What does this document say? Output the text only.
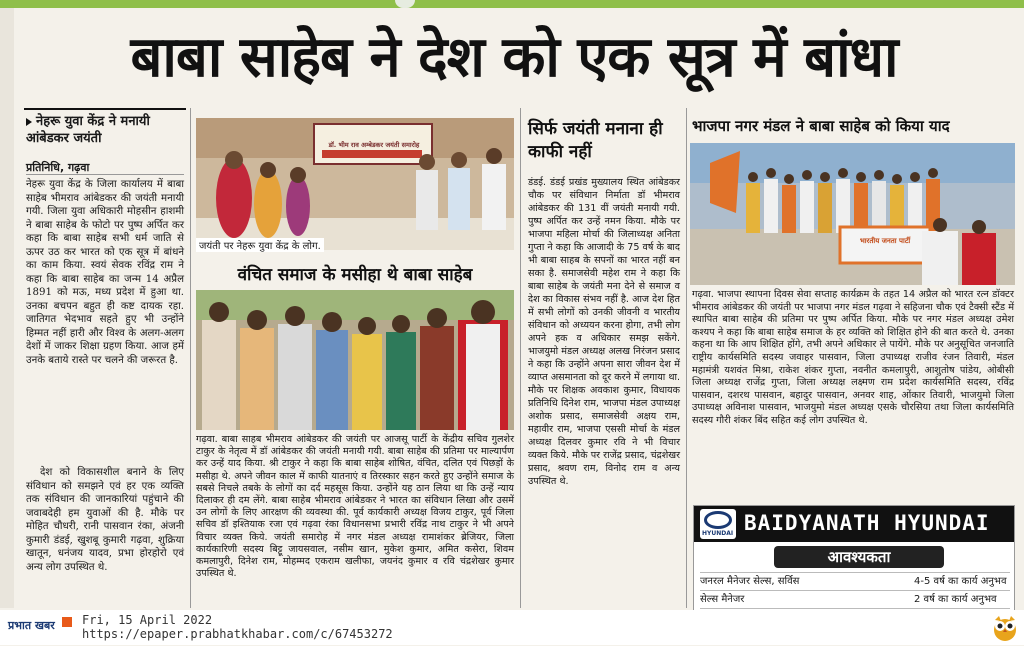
बाबा साहेब ने देश को एक सूत्र में बांधा
नेहरू युवा केंद्र ने मनायी आंबेडकर जयंती
प्रतिनिधि, गढ़वा
नेहरू युवा केंद्र के जिला कार्यालय में बाबा साहेब भीमराव आंबेडकर की जयंती मनायी गयी. जिला युवा अधिकारी मोहसीन हाशमी ने बाबा साहेब के फोटो पर पुष्प अर्पित कर कहा कि बाबा साहेब सभी धर्म जाति से ऊपर उठ कर भारत को एक सूत्र में बांधने का काम किया. स्वयं सेवक रविंद्र राम ने कहा कि बाबा साहेब का जन्म 14 अप्रैल 1891 को मऊ, मध्य प्रदेश में हुआ था. उनका बचपन बहुत ही कष्ट दायक रहा. जातिगत भेदभाव सहते हुए भी उन्होंने हिम्मत नहीं हारी और विश्व के अलग-अलग देशों में जाकर शिक्षा ग्रहण किया. आज हमें उनके बताये रास्ते पर चलने की जरूरत है.
देश को विकासशील बनाने के लिए संविधान को समझने एवं हर एक व्यक्ति तक संविधान की जानकारियां पहुंचाने की जवाबदेही हम युवाओं की है. मौके पर मोहित चौधरी, रानी पासवान रंका, अंजनी कुमारी डंडई, खुशबू कुमारी गढ़वा, शुक्रिया खातून, धनंजय यादव, प्रभा होरहोरो एवं अन्य लोग उपस्थित थे.
डॉ. भीम राव अम्बेडकर जयंती समारोह
जयंती पर नेहरू युवा केंद्र के लोग.
वंचित समाज के मसीहा थे बाबा साहेब
गढ़वा. बाबा साहब भीमराव आंबेडकर की जयंती पर आजसू पार्टी के केंद्रीय सचिव गुलशेर टाकुर के नेतृत्व में डॉ आंबेडकर की जयंती मनायी गयी. बाबा साहेब की प्रतिमा पर माल्यार्पण कर उन्हें याद किया. श्री टाकुर ने कहा कि बाबा साहेब शोषित, वंचित, दलित एवं पिछड़ों के मसीहा थे. अपने जीवन काल में काफी यातनाएं व तिरस्कार सहन करते हुए उन्होंने समाज के सबसे निचले तबके के लोगों का दर्द महसूस किया. उन्होंने यह ठान लिया था कि उन्हें न्याय दिलाकर ही दम लेंगे. बाबा साहेब भीमराव आंबेडकर ने भारत का संविधान लिखा और उसमें उन लोगों के लिए आरक्षण की व्यवस्था की. पूर्व कार्यकारी अध्यक्ष विजय टाकुर, पूर्व जिला सचिव डॉ इश्तियाक रजा एवं गढ़वा रंका विधानसभा प्रभारी रविंद्र नाथ टाकुर ने भी अपने विचार व्यक्त किये. जयंती समारोह में नगर मंडल अध्यक्ष रामाशंकर ब्रेजियर, जिला कार्यकारिणी सदस्य बिट्टू जायसवाल, नसीम खान, मुकेश कुमार, अमित कसेरा, शिवम कमलापुरी, दिनेश राम, मोहम्मद एकराम खलीफा, जयनंद कुमार व रवि चंद्रशेखर कुमार उपस्थित थे.
सिर्फ जयंती मनाना ही काफी नहीं
डंडई. डंडई प्रखंड मुख्यालय स्थित आंबेडकर चौक पर संविधान निर्माता डॉ भीमराव आंबेडकर की 131 वीं जयंती मनायी गयी. पुष्प अर्पित कर उन्हें नमन किया. मौके पर भाजपा महिला मोर्चा की जिलाध्यक्ष अनिता गुप्ता ने कहा कि आजादी के 75 वर्ष के बाद भी बाबा साहब के सपनों का भारत नहीं बन सका है. समाजसेवी महेश राम ने कहा कि बाबा साहेब के जयंती मना देने से समाज व देश का विकास संभव नहीं है. आज देश हित में सभी लोगों को उनकी जीवनी व भारतीय संविधान को अध्ययन करना होगा, तभी लोग अपने हक व अधिकार समझ सकेंगे. भाजयुमो मंडल अध्यक्ष अलख निरंजन प्रसाद ने कहा कि उन्होंने अपना सारा जीवन देश में व्याप्त असमानता को दूर करने में लगाया था. मौके पर शिक्षक अवकाश कुमार, विधायक प्रतिनिधि दिनेश राम, भाजपा मंडल उपाध्यक्ष अशोक प्रसाद, समाजसेवी अक्षय राम, महावीर राम, भाजपा एससी मोर्चा के मंडल अध्यक्ष दिलवर कुमार रवि ने भी विचार व्यक्त किये. मौके पर राजेंद्र प्रसाद, चंद्रशेखर प्रसाद, श्रवण राम, विनोद राम व अन्य उपस्थित थे.
भाजपा नगर मंडल ने बाबा साहेब को किया याद
भारतीय जनता पार्टी
गढ़वा. भाजपा स्थापना दिवस सेवा सप्ताह कार्यक्रम के तहत 14 अप्रैल को भारत रत्न डॉक्टर भीमराव आंबेडकर की जयंती पर भाजपा नगर मंडल गढ़वा ने सहिजना चौक एवं टैक्सी स्टैंड में स्थापित बाबा साहेब की प्रतिमा पर पुष्प अर्पित किया. मौके पर नगर मंडल अध्यक्ष उमेश कश्यप ने कहा कि बाबा साहेब समाज के हर व्यक्ति को शिक्षित होने की बात करते थे. उनका कहना था कि आप शिक्षित होंगे, तभी अपने अधिकार ले पायेंगे. मौके पर अनुसूचित जनजाति राष्ट्रीय कार्यसमिति सदस्य जवाहर पासवान, जिला उपाध्यक्ष राजीव रंजन तिवारी, मंडल महामंत्री यशवंत मिश्रा, राकेश शंकर गुप्ता, नवनीत कमलापुरी, आशुतोष पांडेय, ओबीसी जिला अध्यक्ष राजेंद्र गुप्ता, जिला अध्यक्ष लक्ष्मण राम प्रदेश कार्यसमिति सदस्य, रविंद्र पासवान, दशरथ पासवान, बहादुर पासवान, अनवर शाह, ओंकार तिवारी, भाजयुमो जिला उपाध्यक्ष अविनाश पासवान, भाजयुमो मंडल अध्यक्ष एसके चौरसिया तथा जिला कार्यसमिति सदस्य गौरी शंकर बिंद सहित कई लोग उपस्थित थे.
HYUNDAI BAIDYANATH HYUNDAI
आवश्यकता
जनरल मैनेजर सेल्स, सर्विस	4-5 वर्ष का कार्य अनुभव
सेल्स मैनेजर	2 वर्ष का कार्य अनुभव
प्रभात खबर Fri, 15 April 2022
https://epaper.prabhatkhabar.com/c/67453272
